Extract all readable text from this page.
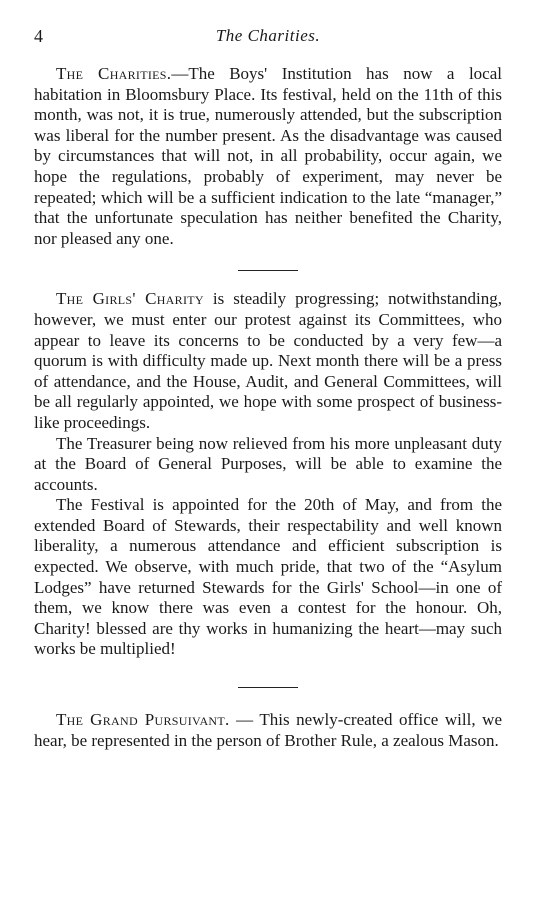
4	The Charities.

The Charities.—The Boys' Institution has now a local habitation in Bloomsbury Place. Its festival, held on the 11th of this month, was not, it is true, numerously attended, but the subscription was liberal for the number present. As the disadvantage was caused by circumstances that will not, in all probability, occur again, we hope the regulations, probably of experiment, may never be repeated; which will be a sufficient indication to the late “manager,” that the unfortunate speculation has neither benefited the Charity, nor pleased any one.

The Girls' Charity is steadily progressing; notwithstanding, however, we must enter our protest against its Committees, who appear to leave its concerns to be conducted by a very few—a quorum is with difficulty made up. Next month there will be a press of attendance, and the House, Audit, and General Committees, will be all regularly appointed, we hope with some prospect of business-like proceedings.

The Treasurer being now relieved from his more unpleasant duty at the Board of General Purposes, will be able to examine the accounts.

The Festival is appointed for the 20th of May, and from the extended Board of Stewards, their respectability and well known liberality, a numerous attendance and efficient subscription is expected. We observe, with much pride, that two of the “Asylum Lodges” have returned Stewards for the Girls' School—in one of them, we know there was even a contest for the honour. Oh, Charity! blessed are thy works in humanizing the heart—may such works be multiplied!

The Grand Pursuivant. — This newly-created office will, we hear, be represented in the person of Brother Rule, a zealous Mason.
